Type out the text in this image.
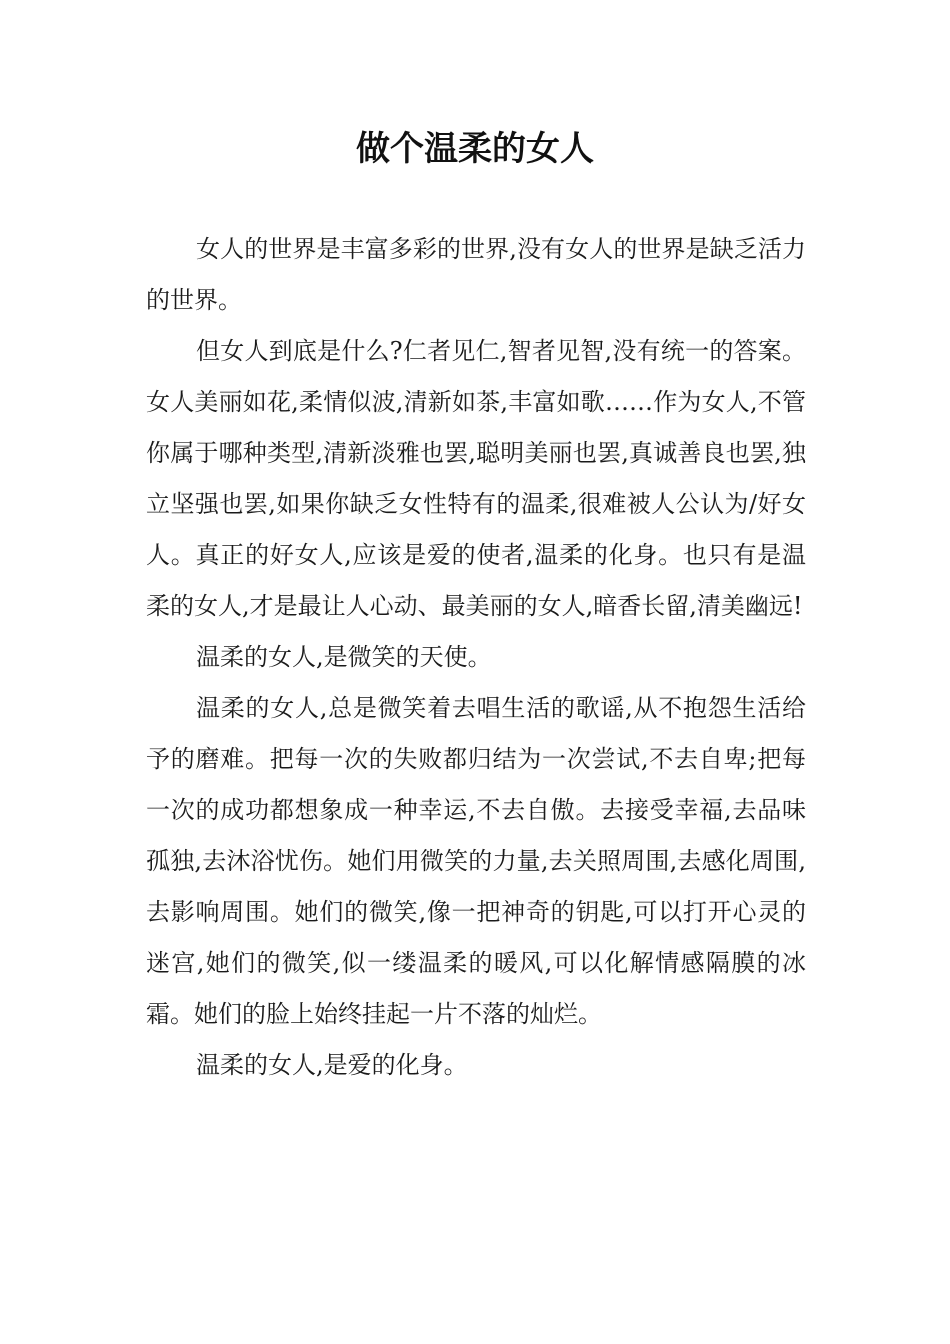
做个温柔的女人

女人的世界是丰富多彩的世界,没有女人的世界是缺乏活力的世界。

但女人到底是什么?仁者见仁,智者见智,没有统一的答案。女人美丽如花,柔情似波,清新如茶,丰富如歌……作为女人,不管你属于哪种类型,清新淡雅也罢,聪明美丽也罢,真诚善良也罢,独立坚强也罢,如果你缺乏女性特有的温柔,很难被人公认为/好女人。真正的好女人,应该是爱的使者,温柔的化身。也只有是温柔的女人,才是最让人心动、最美丽的女人,暗香长留,清美幽远!

温柔的女人,是微笑的天使。

温柔的女人,总是微笑着去唱生活的歌谣,从不抱怨生活给予的磨难。把每一次的失败都归结为一次尝试,不去自卑;把每一次的成功都想象成一种幸运,不去自傲。去接受幸福,去品味孤独,去沐浴忧伤。她们用微笑的力量,去关照周围,去感化周围,去影响周围。她们的微笑,像一把神奇的钥匙,可以打开心灵的迷宫,她们的微笑,似一缕温柔的暖风,可以化解情感隔膜的冰霜。她们的脸上始终挂起一片不落的灿烂。

温柔的女人,是爱的化身。
